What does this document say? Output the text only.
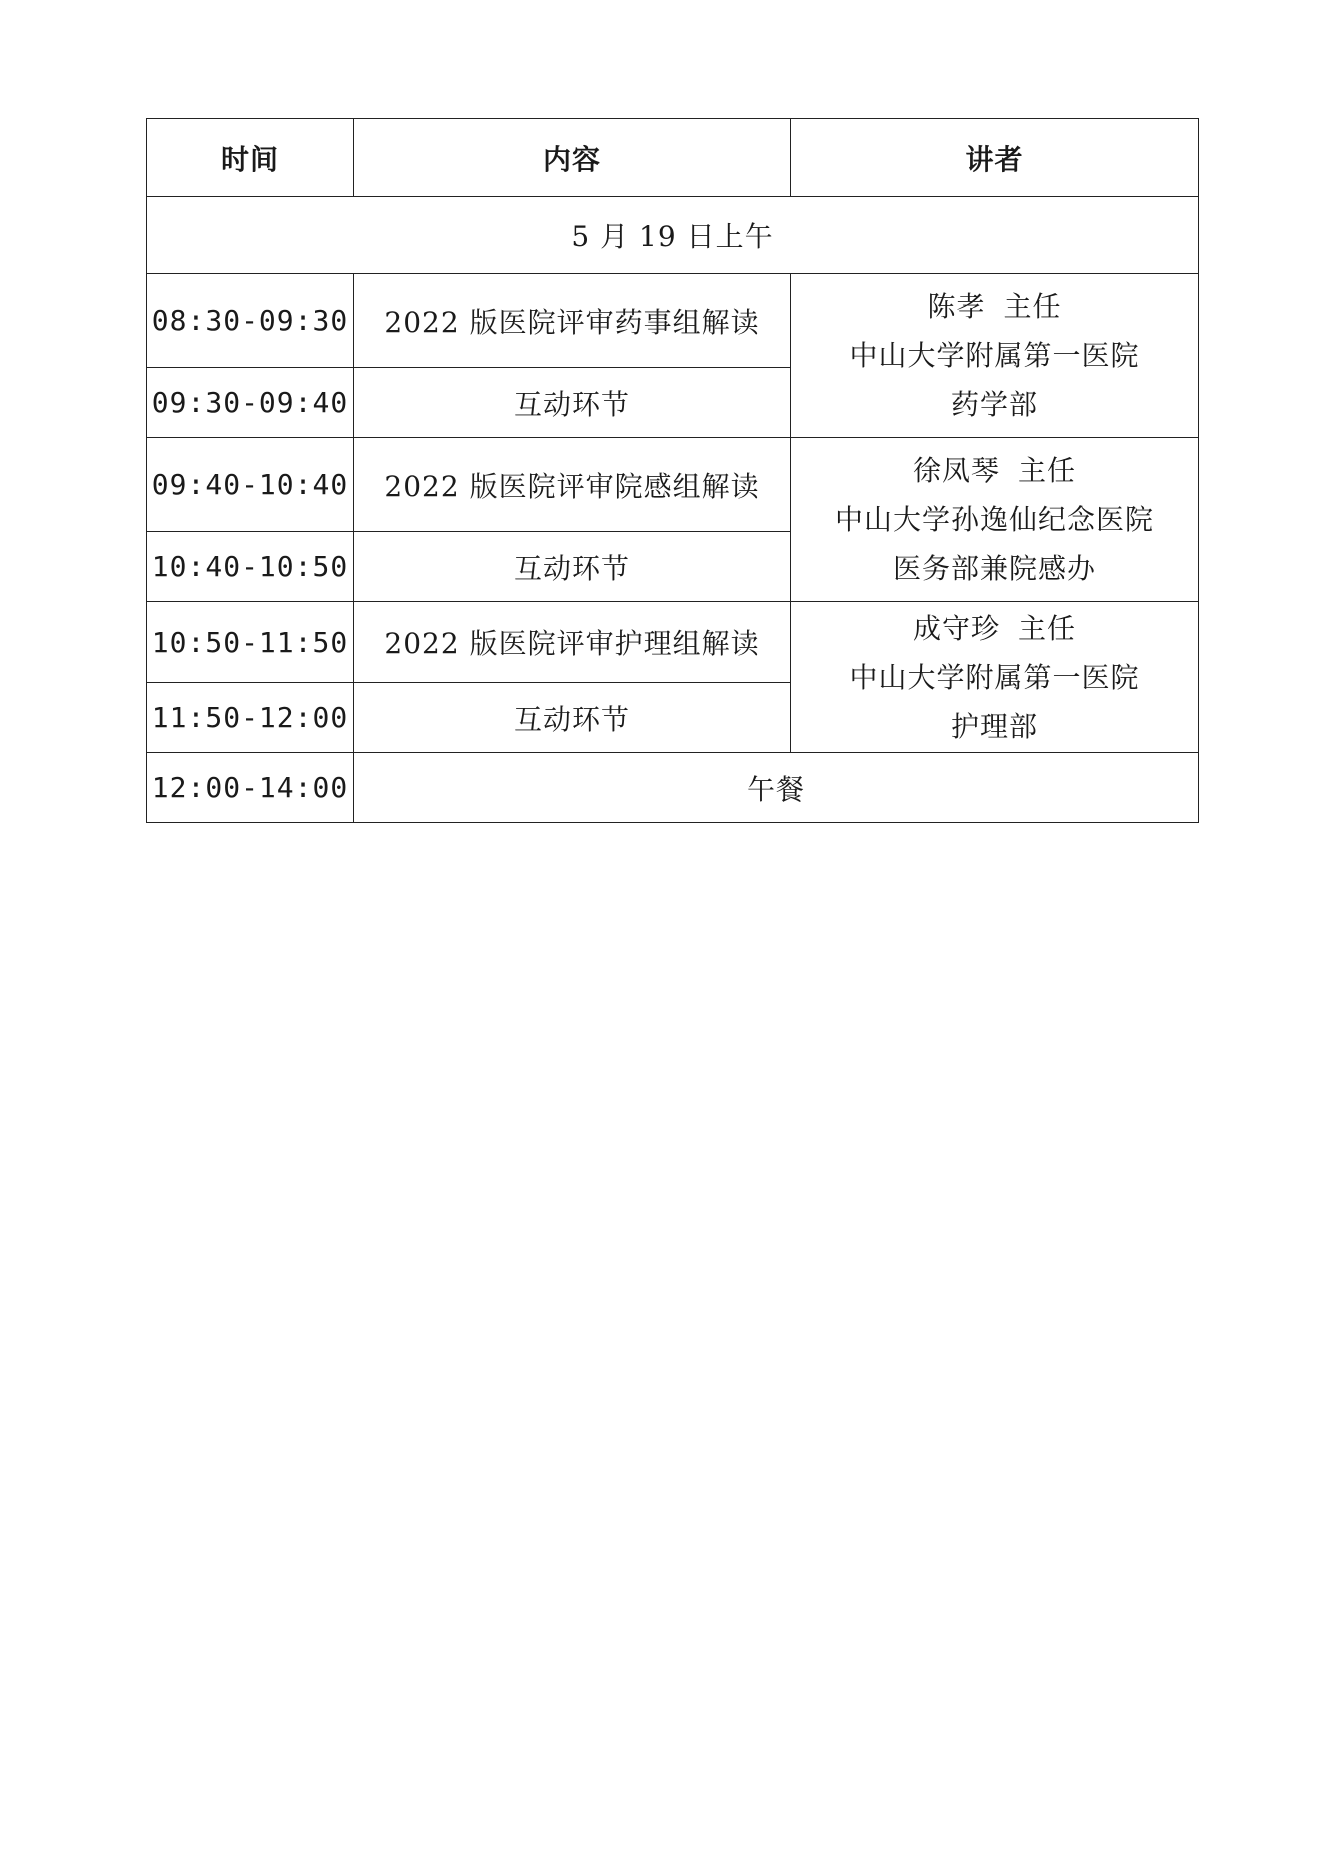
时间	内容	讲者
5 月 19 日上午		
08:30-09:30	2022 版医院评审药事组解读	陈孝 主任
中山大学附属第一医院
药学部

09:30-09:40	互动环节	
09:40-10:40	2022 版医院评审院感组解读	徐凤琴 主任
中山大学孙逸仙纪念医院
医务部兼院感办

10:40-10:50	互动环节	
10:50-11:50	2022 版医院评审护理组解读	成守珍 主任
中山大学附属第一医院
护理部

11:50-12:00	互动环节	
12:00-14:00	午餐	
